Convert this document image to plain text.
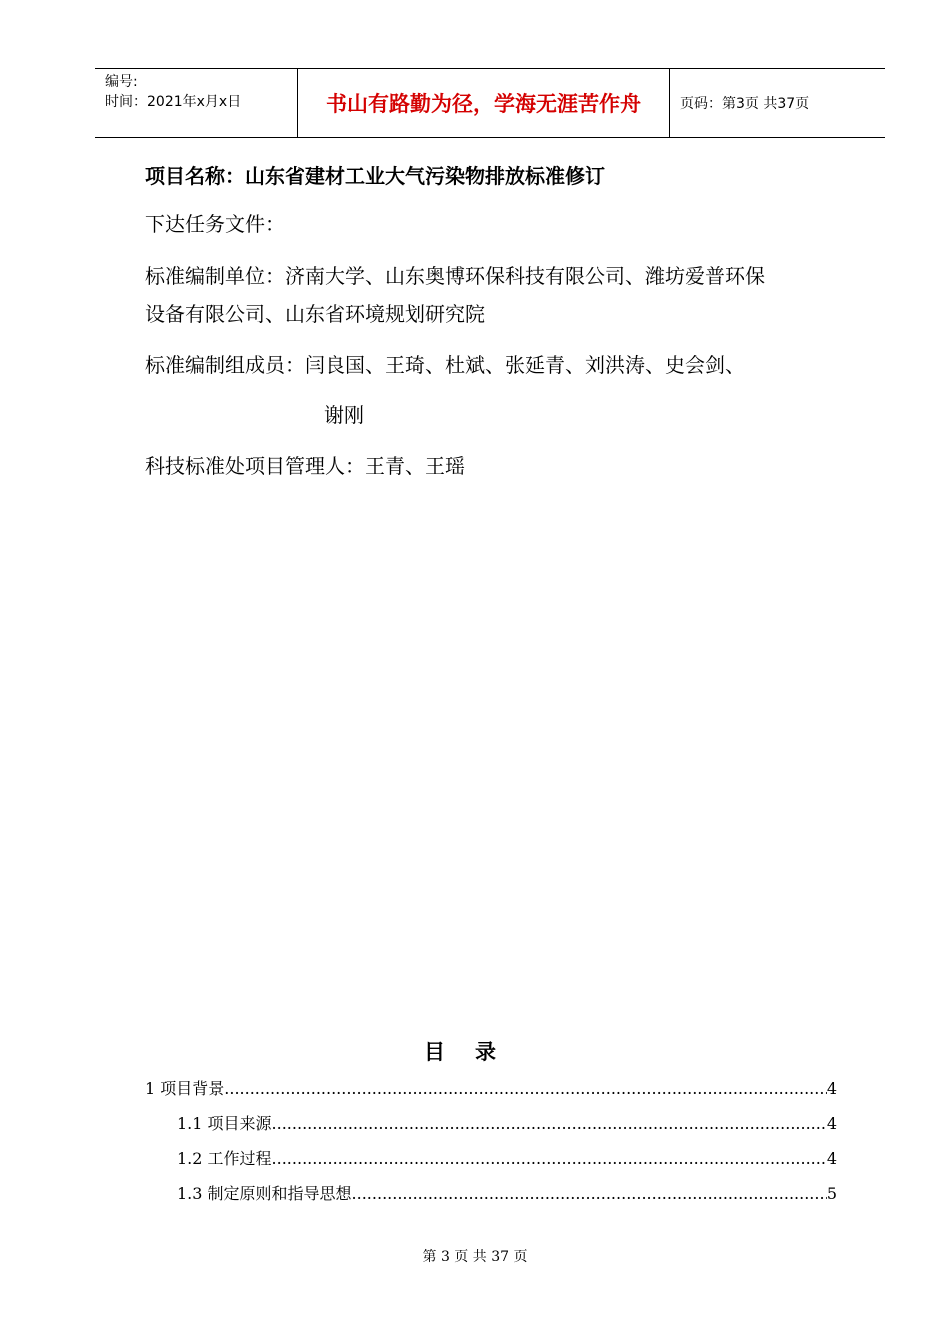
编号:
时间：2021年x月x日	书山有路勤为径，学海无涯苦作舟	页码：第3页 共37页
项目名称：山东省建材工业大气污染物排放标准修订
下达任务文件：
标准编制单位：济南大学、山东奥博环保科技有限公司、潍坊爱普环保
设备有限公司、山东省环境规划研究院
标准编制组成员：闫良国、王琦、杜斌、张延青、刘洪涛、史会剑、
谢刚
科技标准处项目管理人：王青、王瑶
目录
1 项目背景 .....	4
1.1 项目来源 .....	4
1.2 工作过程 .....	4
1.3 制定原则和指导思想 .....	5
第 3 页 共 37 页
